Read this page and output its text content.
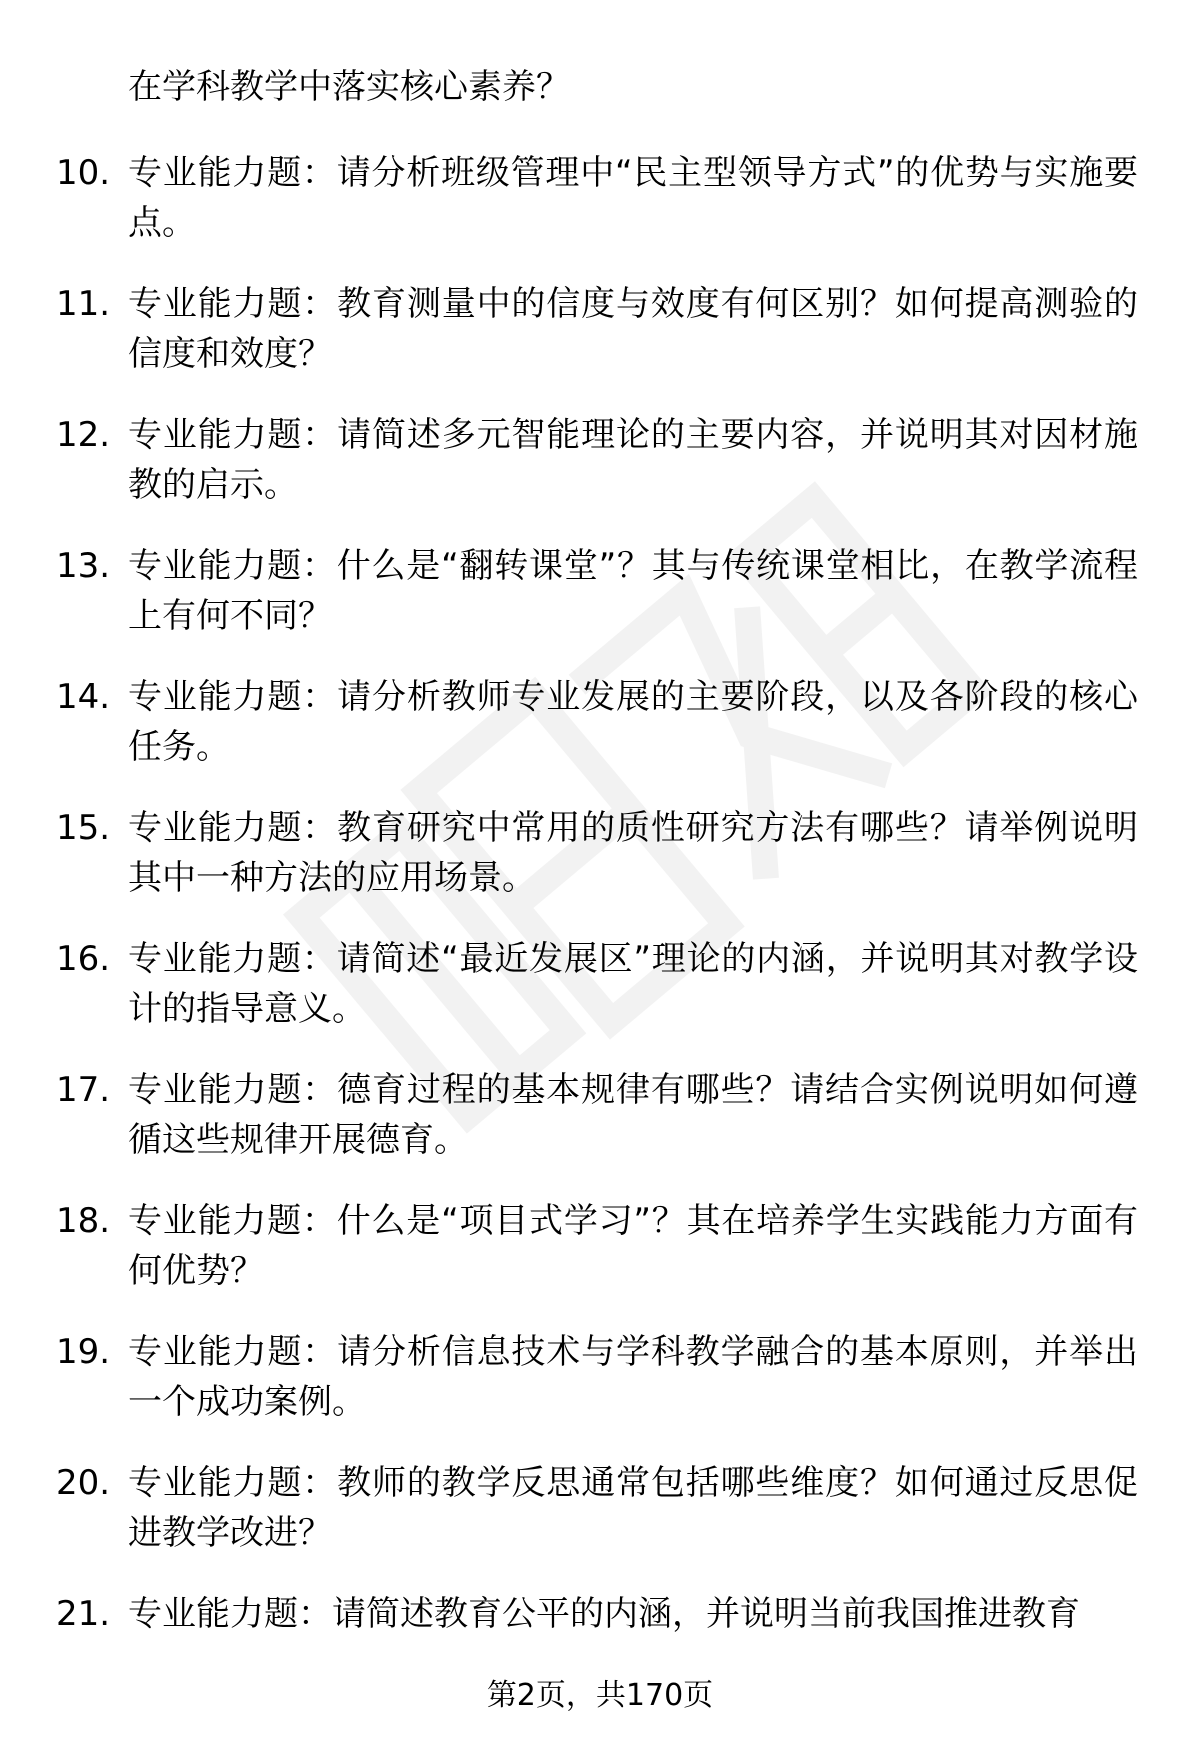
在学科教学中落实核心素养？
10. 专业能力题：请分析班级管理中“民主型领导方式”的优势与实施要点。
11. 专业能力题：教育测量中的信度与效度有何区别？如何提高测验的信度和效度？
12. 专业能力题：请简述多元智能理论的主要内容，并说明其对因材施教的启示。
13. 专业能力题：什么是“翻转课堂”？其与传统课堂相比，在教学流程上有何不同？
14. 专业能力题：请分析教师专业发展的主要阶段，以及各阶段的核心任务。
15. 专业能力题：教育研究中常用的质性研究方法有哪些？请举例说明其中一种方法的应用场景。
16. 专业能力题：请简述“最近发展区”理论的内涵，并说明其对教学设计的指导意义。
17. 专业能力题：德育过程的基本规律有哪些？请结合实例说明如何遵循这些规律开展德育。
18. 专业能力题：什么是“项目式学习”？其在培养学生实践能力方面有何优势？
19. 专业能力题：请分析信息技术与学科教学融合的基本原则，并举出一个成功案例。
20. 专业能力题：教师的教学反思通常包括哪些维度？如何通过反思促进教学改进？
21. 专业能力题：请简述教育公平的内涵，并说明当前我国推进教育
第2页，共170页
